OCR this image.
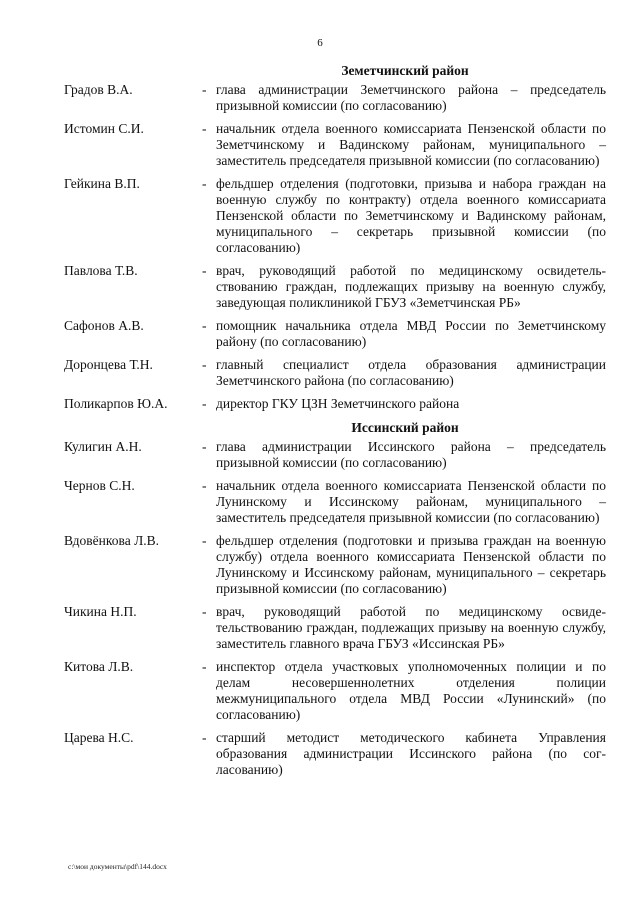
6
Земетчинский район
Градов В.А.	- глава администрации Земетчинского района – председатель призывной комиссии (по согласованию)
Истомин С.И.	- начальник отдела военного комиссариата Пензенской области по Земетчинскому и Вадинскому районам, муниципального – заместитель председателя призывной комиссии (по согласованию)
Гейкина В.П.	- фельдшер отделения (подготовки, призыва и набора граждан на военную службу по контракту) отдела военного комиссариата Пензенской области по Земетчинскому и Вадинскому районам, муниципального – секретарь призывной комиссии (по согласованию)
Павлова Т.В.	- врач, руководящий работой по медицинскому освидетель-ствованию граждан, подлежащих призыву на военную службу, заведующая поликлиникой ГБУЗ «Земетчинская РБ»
Сафонов А.В.	- помощник начальника отдела МВД России по Земетчинскому району (по согласованию)
Доронцева Т.Н.	- главный специалист отдела образования администрации Земетчинского района (по согласованию)
Поликарпов Ю.А.	- директор ГКУ ЦЗН Земетчинского района
Иссинский район
Кулигин А.Н.	- глава администрации Иссинского района – председатель призывной комиссии (по согласованию)
Чернов С.Н.	- начальник отдела военного комиссариата Пензенской области по Лунинскому и Иссинскому районам, муниципального – заместитель председателя призывной комиссии (по согласованию)
Вдовёнкова Л.В.	- фельдшер отделения (подготовки и призыва граждан на военную службу) отдела военного комиссариата Пензенской области по Лунинскому и Иссинскому районам, муниципального – секретарь призывной комиссии (по согласованию)
Чикина Н.П.	- врач, руководящий работой по медицинскому освиде-тельствованию граждан, подлежащих призыву на военную службу, заместитель главного врача ГБУЗ «Иссинская РБ»
Китова Л.В.	- инспектор отдела участковых уполномоченных полиции и по делам несовершеннолетних отделения полиции межмуниципального отдела МВД России «Лунинский» (по согласованию)
Царева Н.С.	- старший методист методического кабинета Управления образования администрации Иссинского района (по сог-ласованию)
c:\мои документы\pdf\144.docx
